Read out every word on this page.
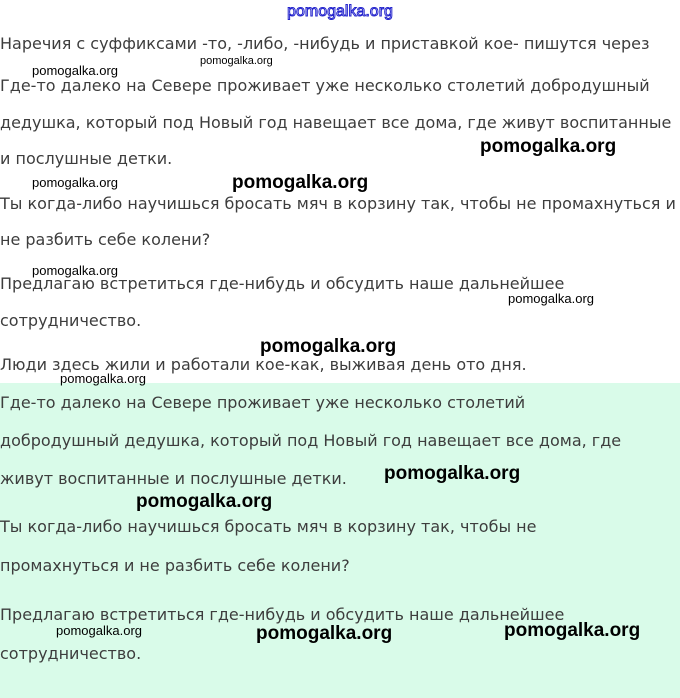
pomogalka.org
Наречия с суффиксами -то, -либо, -нибудь и приставкой кое- пишутся через
Где-то далеко на Севере проживает уже несколько столетий добродушный
дедушка, который под Новый год навещает все дома, где живут воспитанные
и послушные детки.
Ты когда-либо научишься бросать мяч в корзину так, чтобы не промахнуться и
не разбить себе колени?
Предлагаю встретиться где-нибудь и обсудить наше дальнейшее
сотрудничество.
Люди здесь жили и работали кое-как, выживая день ото дня.
Где-то далеко на Севере проживает уже несколько столетий
добродушный дедушка, который под Новый год навещает все дома, где
живут воспитанные и послушные детки.
Ты когда-либо научишься бросать мяч в корзину так, чтобы не
промахнуться и не разбить себе колени?
Предлагаю встретиться где-нибудь и обсудить наше дальнейшее
сотрудничество.
pomogalka.org
pomogalka.org
pomogalka.org
pomogalka.org	pomogalka.org
pomogalka.org
pomogalka.org
pomogalka.org
pomogalka.org
pomogalka.org
pomogalka.org
pomogalka.org	pomogalka.org	pomogalka.org
